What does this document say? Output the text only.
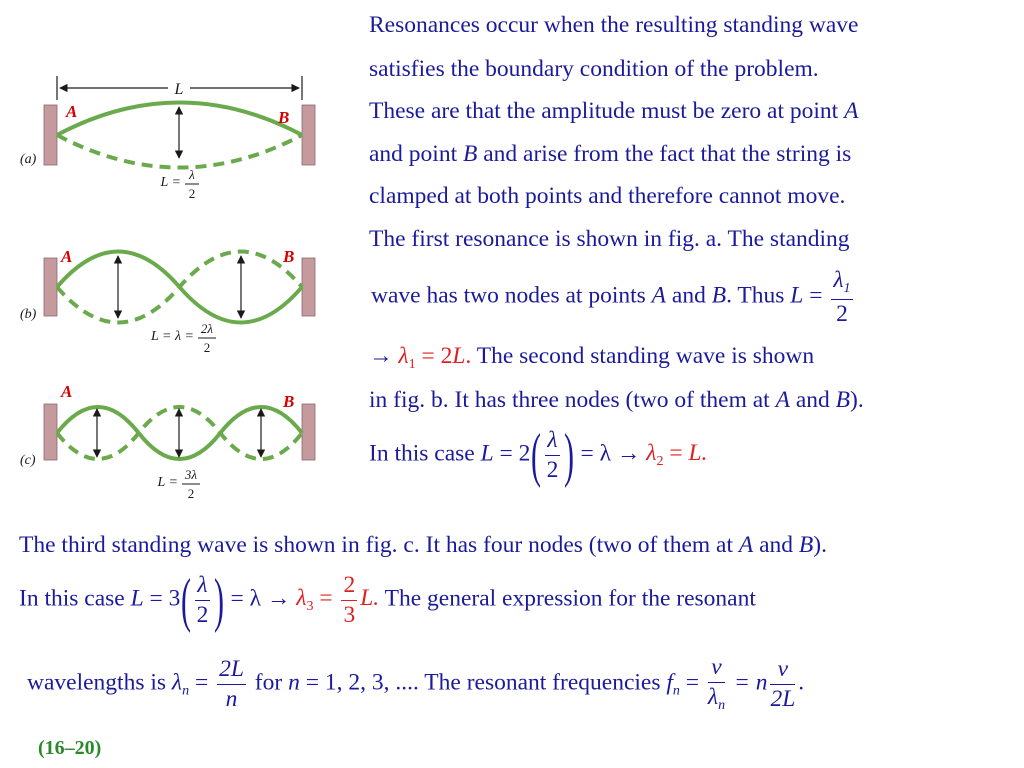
L
A	B
(a)
L =
λ
2
A	B
(b)
L = λ =
2λ
2
A
B
(c)
L =
3λ
2
Resonances occur when the resulting standing wave
satisfies the boundary condition of the problem.
These are that the amplitude must be zero at point A
and point B and arise from the fact that the string is
clamped at both points and therefore cannot move.
The first resonance is shown in fig. a. The standing
wave has two nodes at points A and B. Thus $L = \frac{\lambda_1}{2}$
→ $\lambda_1 = 2L$. The second standing wave is shown
in fig. b. It has three nodes (two of them at A and B).
In this case $L = 2( \frac{\lambda}{2}$ ) = $\lambda \to \lambda_2 = L$.
The third standing wave is shown in fig. c. It has four nodes (two of them at A and B).
In this case $L = 3( \frac{\lambda}{2}$ ) = $\lambda \to \lambda_3 = \frac{2}{3} L$. The general expression for the resonant
wavelengths is $\lambda_n = \frac{2L}{n}$ for n = 1, 2, 3, .... The resonant frequencies $f_n = \frac{v}{\lambda_n} = n \frac{v}{2L}$ .
(16–20)
